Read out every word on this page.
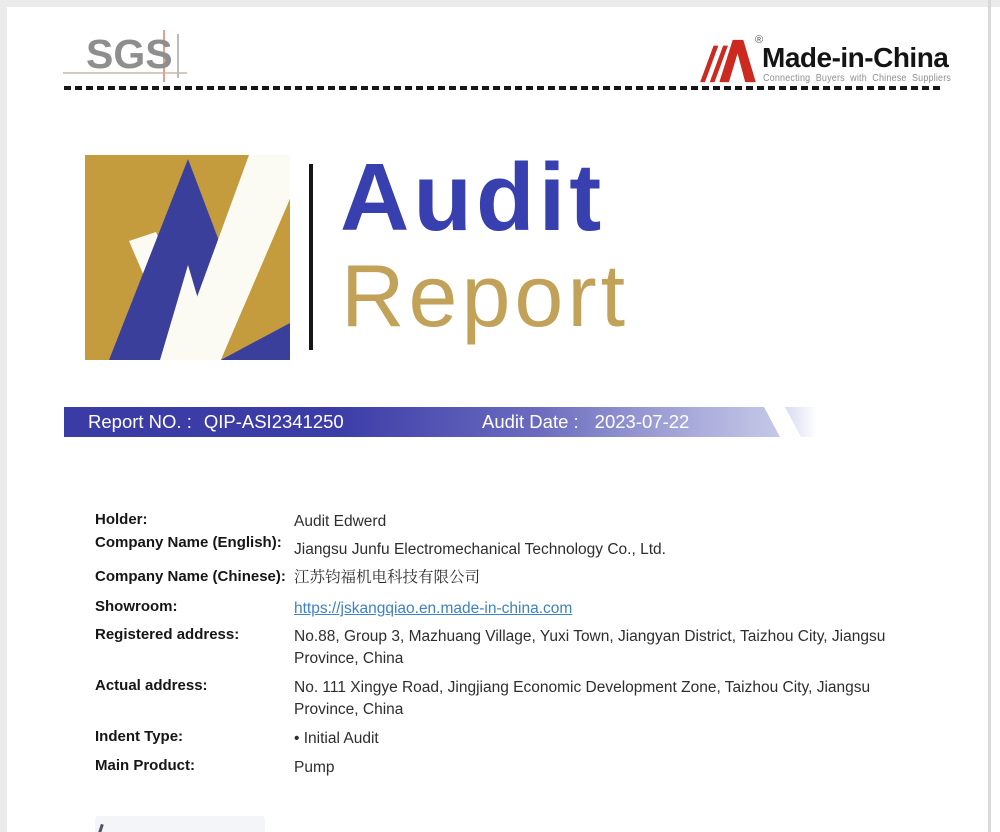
SGS	®
Made-in-China
Connecting Buyers with Chinese Suppliers
Audit
Report
Report NO. : QIP-ASI2341250	Audit Date : 2023-07-22
Holder:	Audit Edwerd
Company Name (English): Jiangsu Junfu Electromechanical Technology Co., Ltd.
Company Name (Chinese): 江苏钧福机电科技有限公司
Showroom:	https://jskangqiao.en.made-in-china.com
Registered address:	No.88, Group 3, Mazhuang Village, Yuxi Town, Jiangyan District, Taizhou City, Jiangsu Province, China
Actual address:	No. 111 Xingye Road, Jingjiang Economic Development Zone, Taizhou City, Jiangsu Province, China
Indent Type:	• Initial Audit
Main Product:	Pump
